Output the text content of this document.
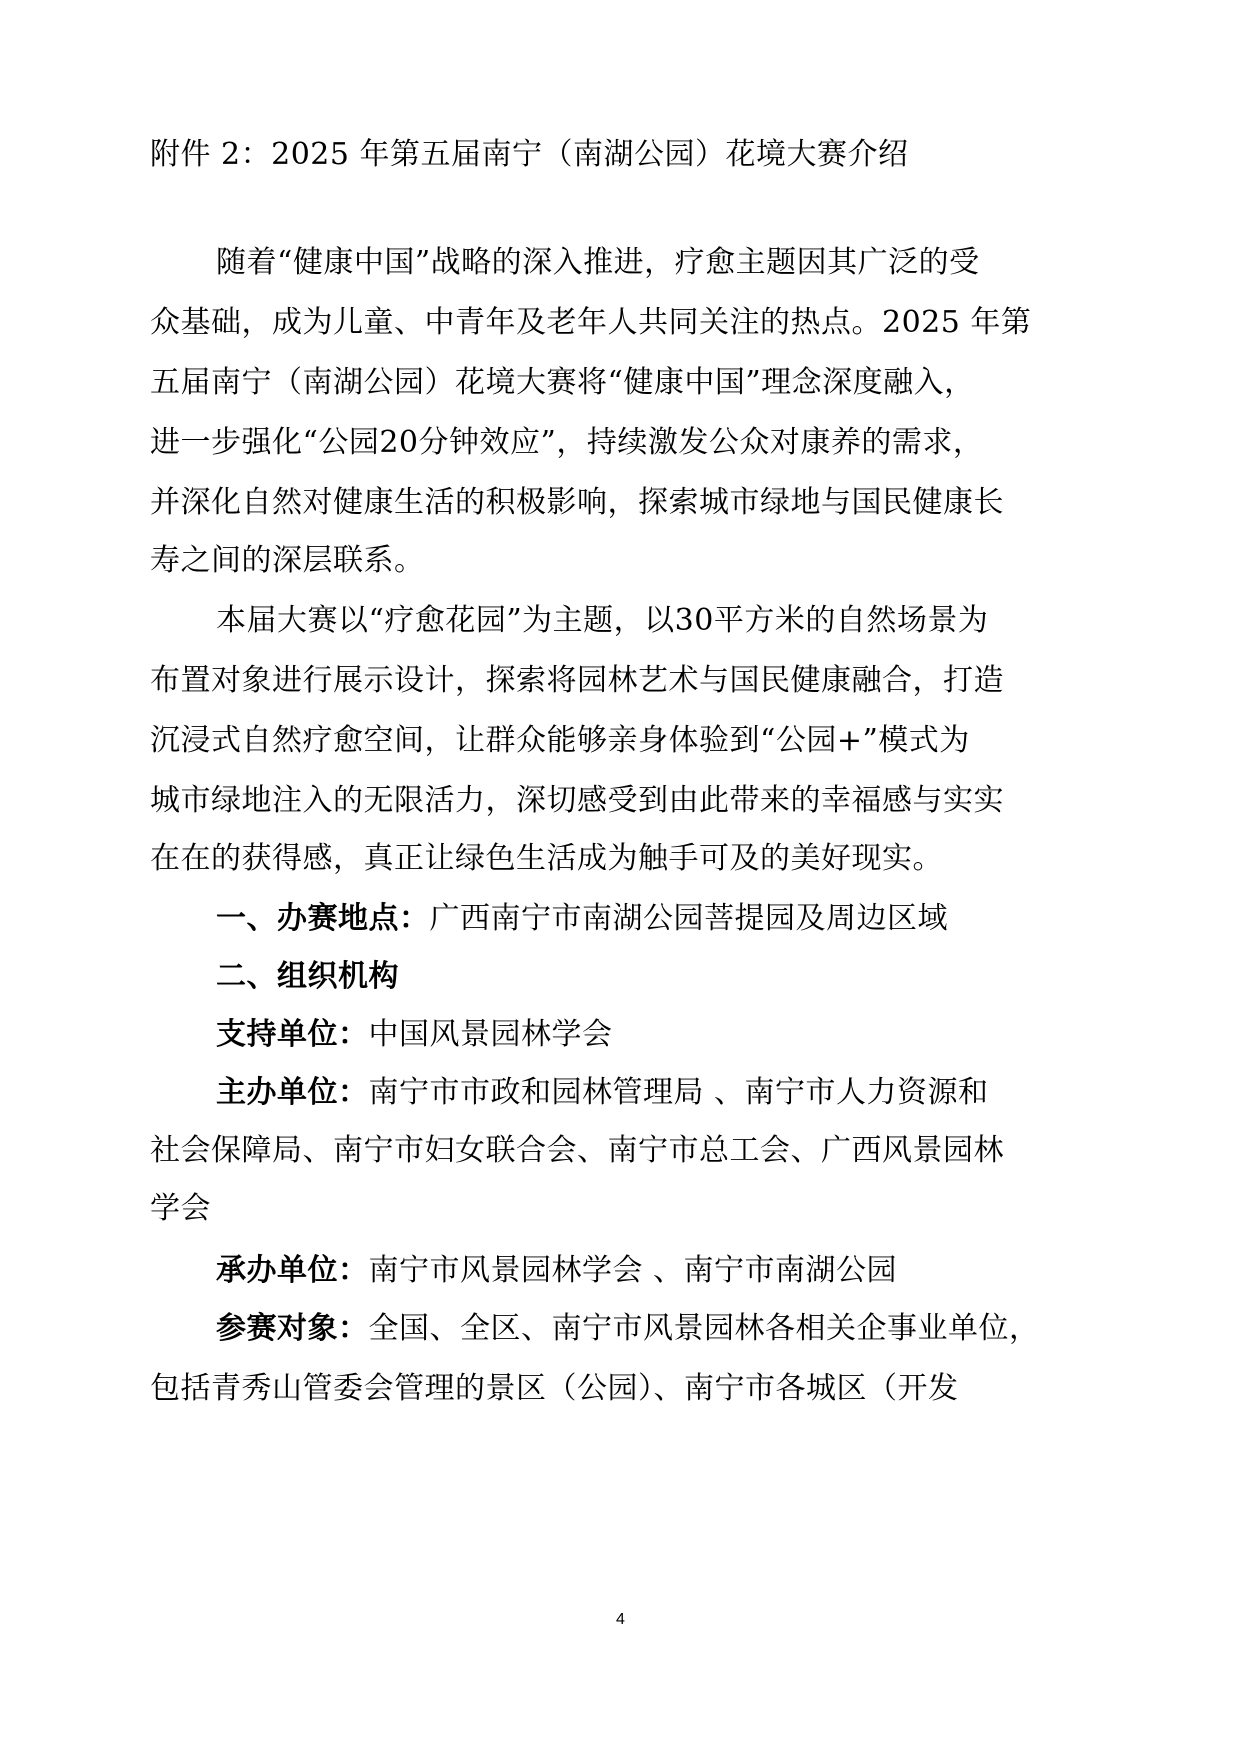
附件 2：2025 年第五届南宁（南湖公园）花境大赛介绍
随着“健康中国”战略的深入推进，疗愈主题因其广泛的受
众基础，成为儿童、中青年及老年人共同关注的热点。2025 年第
五届南宁（南湖公园）花境大赛将“健康中国”理念深度融入，
进一步强化“公园20分钟效应”，持续激发公众对康养的需求，
并深化自然对健康生活的积极影响，探索城市绿地与国民健康长
寿之间的深层联系。
本届大赛以“疗愈花园”为主题，以30平方米的自然场景为
布置对象进行展示设计，探索将园林艺术与国民健康融合，打造
沉浸式自然疗愈空间，让群众能够亲身体验到“公园+”模式为
城市绿地注入的无限活力，深切感受到由此带来的幸福感与实实
在在的获得感，真正让绿色生活成为触手可及的美好现实。
一、办赛地点：广西南宁市南湖公园菩提园及周边区域
二、组织机构
支持单位：中国风景园林学会
主办单位：南宁市市政和园林管理局 、南宁市人力资源和
社会保障局、南宁市妇女联合会、南宁市总工会、广西风景园林
学会
承办单位：南宁市风景园林学会 、南宁市南湖公园
参赛对象：全国、全区、南宁市风景园林各相关企事业单位，
包括青秀山管委会管理的景区（公园）、南宁市各城区（开发
4
